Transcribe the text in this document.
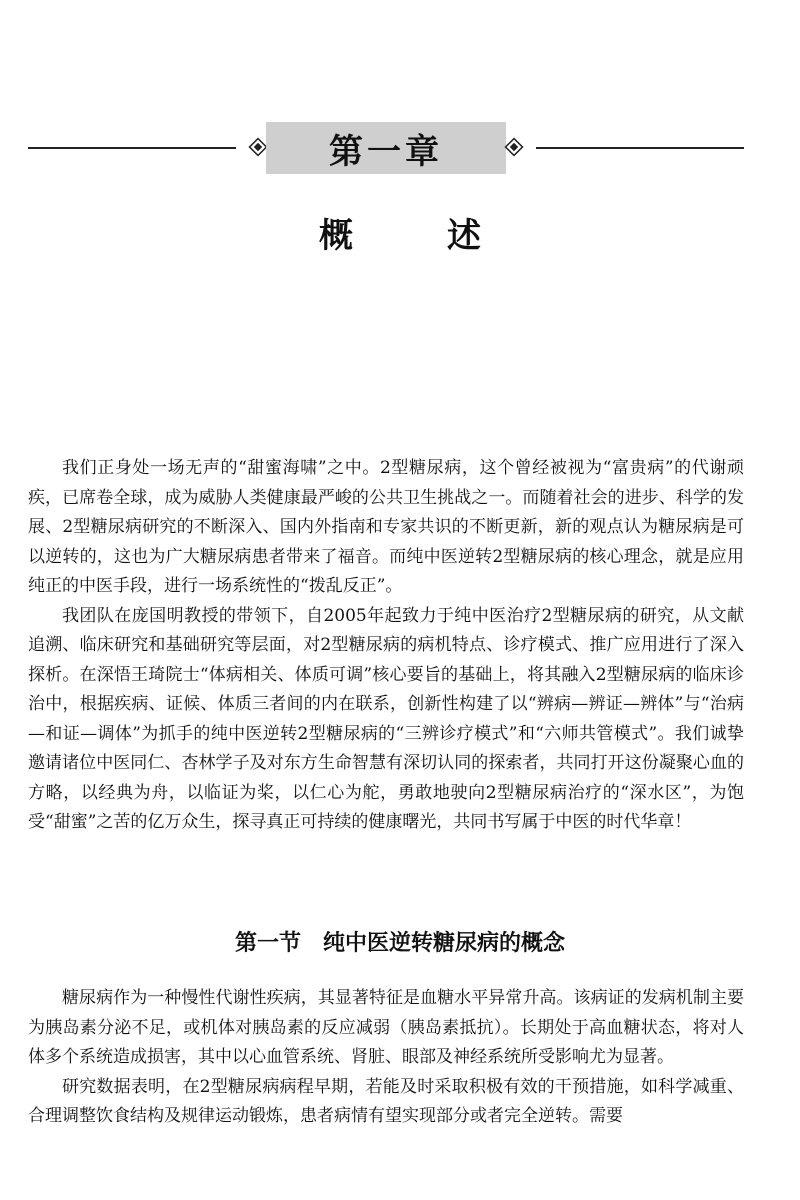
第一章
概　述

我们正身处一场无声的“甜蜜海啸”之中。2型糖尿病，这个曾经被视为“富贵病”的代谢顽疾，已席卷全球，成为威胁人类健康最严峻的公共卫生挑战之一。而随着社会的进步、科学的发展、2型糖尿病研究的不断深入、国内外指南和专家共识的不断更新，新的观点认为糖尿病是可以逆转的，这也为广大糖尿病患者带来了福音。而纯中医逆转2型糖尿病的核心理念，就是应用纯正的中医手段，进行一场系统性的“拨乱反正”。

我团队在庞国明教授的带领下，自2005年起致力于纯中医治疗2型糖尿病的研究，从文献追溯、临床研究和基础研究等层面，对2型糖尿病的病机特点、诊疗模式、推广应用进行了深入探析。在深悟王琦院士“体病相关、体质可调”核心要旨的基础上，将其融入2型糖尿病的临床诊治中，根据疾病、证候、体质三者间的内在联系，创新性构建了以“辨病—辨证—辨体”与“治病—和证—调体”为抓手的纯中医逆转2型糖尿病的“三辨诊疗模式”和“六师共管模式”。我们诚挚邀请诸位中医同仁、杏林学子及对东方生命智慧有深切认同的探索者，共同打开这份凝聚心血的方略，以经典为舟，以临证为桨，以仁心为舵，勇敢地驶向2型糖尿病治疗的“深水区”，为饱受“甜蜜”之苦的亿万众生，探寻真正可持续的健康曙光，共同书写属于中医的时代华章！

第一节　纯中医逆转糖尿病的概念

糖尿病作为一种慢性代谢性疾病，其显著特征是血糖水平异常升高。该病证的发病机制主要为胰岛素分泌不足，或机体对胰岛素的反应减弱（胰岛素抵抗）。长期处于高血糖状态，将对人体多个系统造成损害，其中以心血管系统、肾脏、眼部及神经系统所受影响尤为显著。

研究数据表明，在2型糖尿病病程早期，若能及时采取积极有效的干预措施，如科学减重、合理调整饮食结构及规律运动锻炼，患者病情有望实现部分或者完全逆转。需要
